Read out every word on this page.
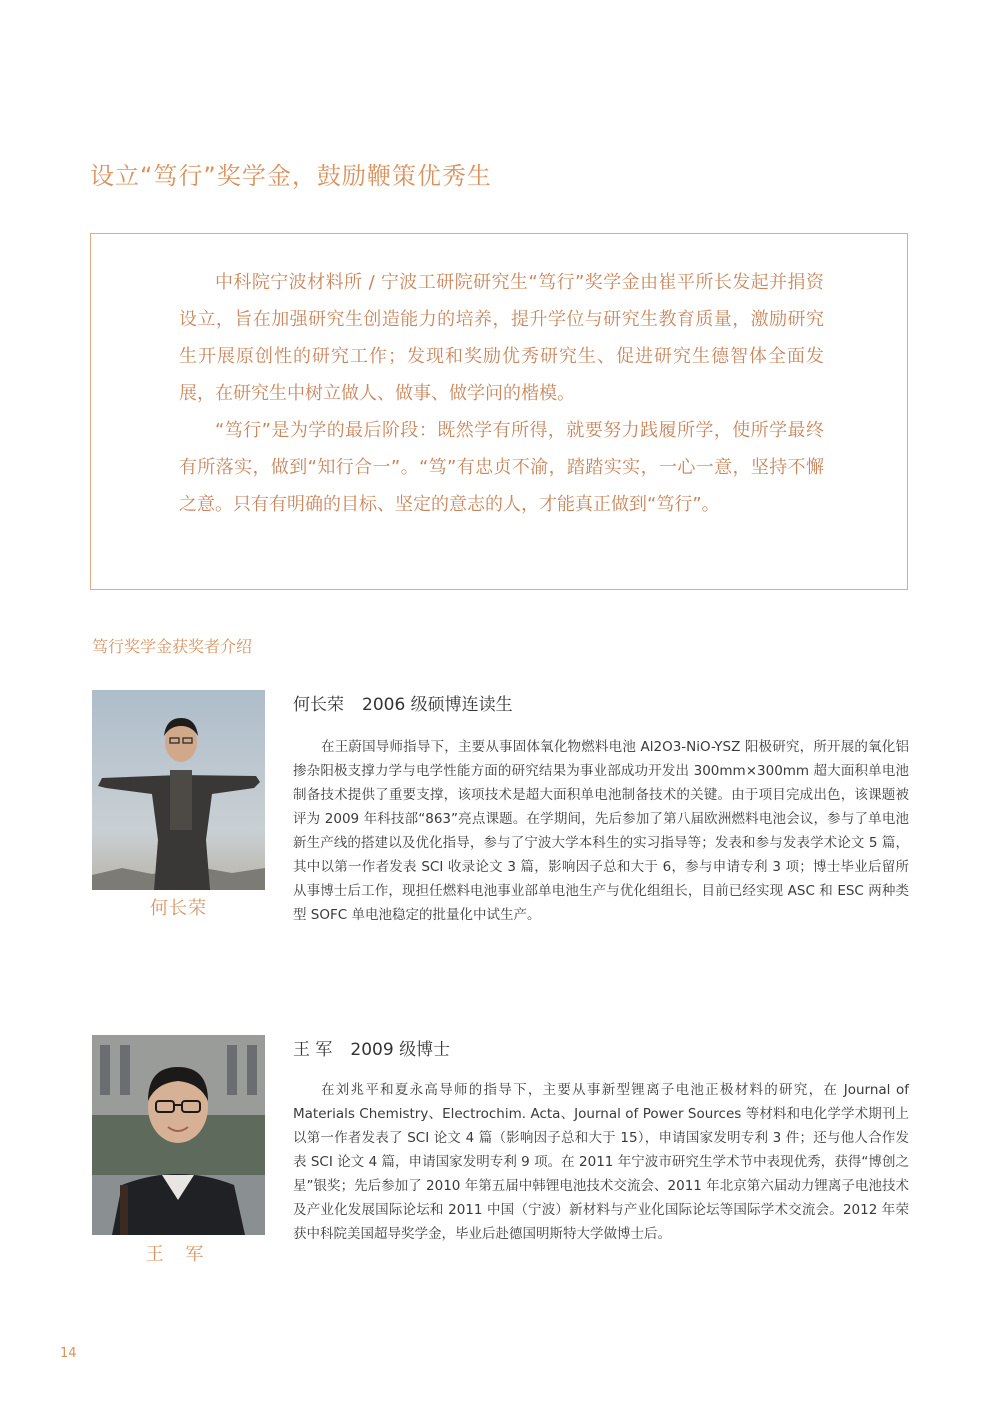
设立“笃行”奖学金，鼓励鞭策优秀生

中科院宁波材料所 / 宁波工研院研究生“笃行”奖学金由崔平所长发起并捐资设立，旨在加强研究生创造能力的培养，提升学位与研究生教育质量，激励研究生开展原创性的研究工作；发现和奖励优秀研究生、促进研究生德智体全面发展，在研究生中树立做人、做事、做学问的楷模。

“笃行”是为学的最后阶段：既然学有所得，就要努力践履所学，使所学最终有所落实，做到“知行合一”。“笃”有忠贞不渝，踏踏实实，一心一意，坚持不懈之意。只有有明确的目标、坚定的意志的人，才能真正做到“笃行”。

笃行奖学金获奖者介绍
何长荣
何长荣 2006 级硕博连读生

在王蔚国导师指导下，主要从事固体氧化物燃料电池 Al2O3-NiO-YSZ 阳极研究，所开展的氧化铝掺杂阳极支撑力学与电学性能方面的研究结果为事业部成功开发出 300mm×300mm 超大面积单电池制备技术提供了重要支撑，该项技术是超大面积单电池制备技术的关键。由于项目完成出色，该课题被评为 2009 年科技部“863”亮点课题。在学期间，先后参加了第八届欧洲燃料电池会议，参与了单电池新生产线的搭建以及优化指导，参与了宁波大学本科生的实习指导等；发表和参与发表学术论文 5 篇，其中以第一作者发表 SCI 收录论文 3 篇，影响因子总和大于 6，参与申请专利 3 项；博士毕业后留所从事博士后工作，现担任燃料电池事业部单电池生产与优化组组长，目前已经实现 ASC 和 ESC 两种类型 SOFC 单电池稳定的批量化中试生产。

王 军
王 军 2009 级博士

在刘兆平和夏永高导师的指导下，主要从事新型锂离子电池正极材料的研究，在 Journal of Materials Chemistry、Electrochim. Acta、Journal of Power Sources 等材料和电化学学术期刊上以第一作者发表了 SCI 论文 4 篇（影响因子总和大于 15），申请国家发明专利 3 件；还与他人合作发表 SCI 论文 4 篇，申请国家发明专利 9 项。在 2011 年宁波市研究生学术节中表现优秀，获得“博创之星”银奖；先后参加了 2010 年第五届中韩锂电池技术交流会、2011 年北京第六届动力锂离子电池技术及产业化发展国际论坛和 2011 中国（宁波）新材料与产业化国际论坛等国际学术交流会。2012 年荣获中科院美国超导奖学金，毕业后赴德国明斯特大学做博士后。

14
